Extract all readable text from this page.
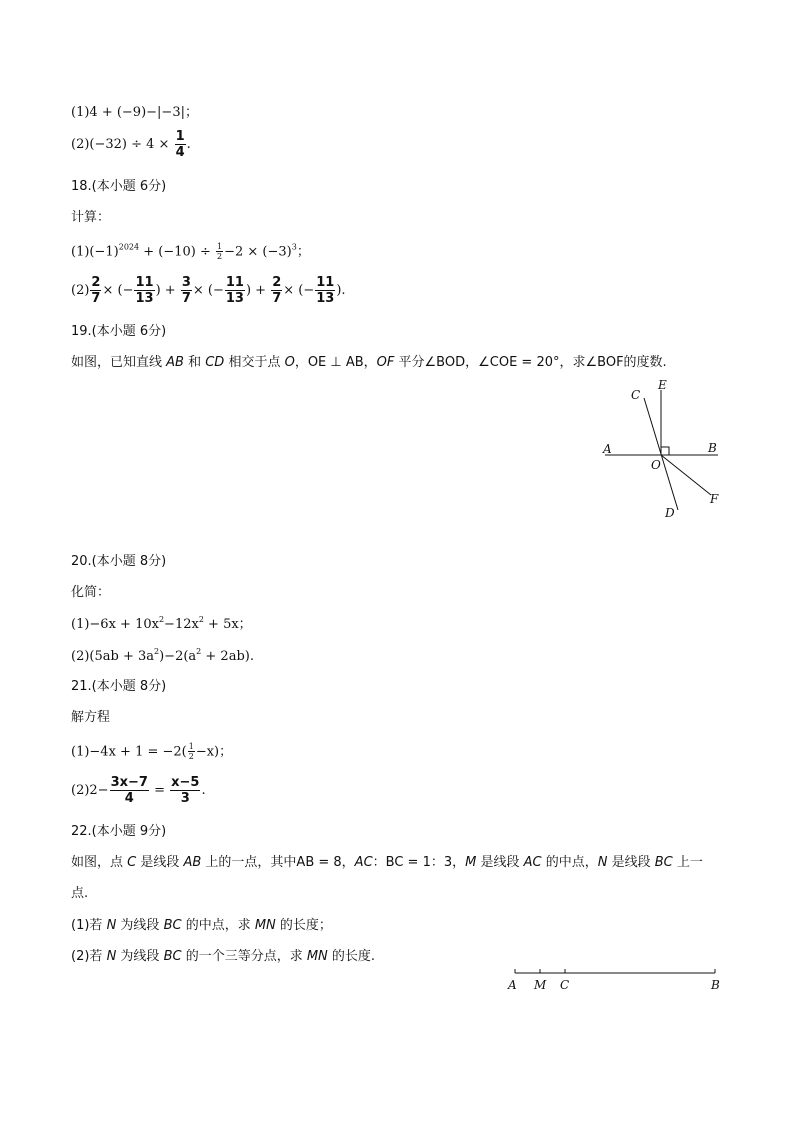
(1)4 + (−9)−|−3|；
$(2)(-32) \div 4 \times \frac{1}{4}$ .
18.(本小题 6分)
计算：
$(1)(-1)^{2024} + (-10) \div \frac{1}{2} -2 \times (-3)^3$；
$(2) \frac{2}{7}$ × (− $\frac{11}{13}$ ) + $\frac{3}{7}$ × (− $\frac{11}{13}$ ) + $\frac{2}{7}$ × (− $\frac{11}{13}$ ).
19.(本小题 6分)
如图，已知直线 AB 和 CD 相交于点 O，OE ⊥ AB，OF 平分∠BOD，∠COE = 20°，求∠BOF的度数.
A	B
C
E
O
D
F
20.(本小题 8分)
化简：
$(1)-6x + 10x^2-12x^2 + 5x$；
$(2)(5ab + 3a^2)-2(a^2 + 2ab)$.
21.(本小题 8分)
解方程
$(1)-4x + 1 = -2( \frac{1}{2} -x)$；
$(2)2- \frac{3x-7}{4} = \frac{x-5}{3}$ .
22.(本小题 9分)
如图，点 C 是线段 AB 上的一点，其中AB = 8，AC：BC = 1：3，M 是线段 AC 的中点，N 是线段 BC 上一
点.
(1)若 N 为线段 BC 的中点，求 MN 的长度；
(2)若 N 为线段 BC 的一个三等分点，求 MN 的长度.
A M C	B
